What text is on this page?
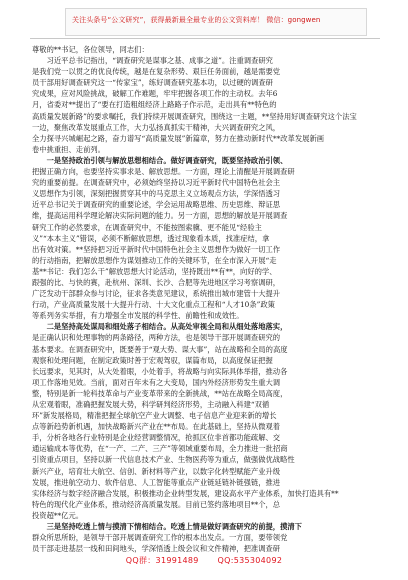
关注头条号“公文研究”，获得最新最全最专业的公文资料库！ 微信：gongwen
尊敬的**书记，各位领导，同志们：
　　习近平总书记指出，“调查研究是谋事之基、成事之道”。注重调查研究
是我们党一以贯之的优良传统，越是在复杂形势、艰巨任务面前，越是需要党
员干部用好调查研究这一“传家宝”，练好调查研究基本功，以过硬的调查研
究成果，应对风险挑战，破解工作难题，牢牢把握各项工作的主动权。去年6
月，省委对**提出了“要在打造粗组经济上路路子作示范，走出具有**特色的
高质量发展新路”的要求嘱托，我们持续开展调查研究，围绕这一主题，**坚持用好调查研究这个法宝
一边，聚焦改革发展重点工作，大力弘扬真抓实干精神，大兴调查研究之风，
全力探寻兴城崛起之路，奋力谱写“高质量发展”新篇章，努力在推动新时代**改革发展新画
卷中挑重担、走前列。
　　一是坚持政治引领与解放思想相结合。做好调查研究，既要坚持政治引领、
把握正确方向，也要坚持实事求是、解放思想。一方面，理论上清醒是开展调查研
究的重要前提。在调查研究中，必须始终坚持以习近平新时代中国特色社会主
义思想作为引领，深刻把握贯穿其中的马克思主义立场观点方法，学深悟透习
近平总书记关于调查研究的重要论述，学会运用战略思维、历史思维、辩证思
维，提高运用科学理论解决实际问题的能力。另一方面，思想的解放是开展调查
研究工作的必然要求，在调查研究中，不能按图索骥、更不能见“经验主
义”“本本主义”错误，必须不断解放思想，透过现象看本质，找准症结，拿
出有效对策。**坚持把习近平新时代中国特色社会主义思想作为做好一切工作
的行动指南，把解放思想作为谋划推动工作的关键环节，在全市深入开展“走
基**书记：我们怎么干”解放思想大讨论活动，坚持既出**有**，向好的学、
跟强的比、与快的赛，赴杭州、深圳、长沙、合肥等先进地区学习考察调研，
广泛发动干部群众参与讨论，征求各类意见建议，系统推出城市建管十大提升
行动，产业高质量发展十大提升行动、十大文化重点工程和“人才10条”政策
等系列务实举措，有力增强全市发展的科学性、前瞻性和成效性。
　　二是坚持高处谋局和细处落子相结合。从高处审视全局和从细处落地落实，
是正确认识和处理事物的两条路径，两种方法，也是领导干部开展调查研究的
基本要求。在调查研究中，既要善于“观大势、谋大事”，站在战略和全局的高度
观察和处理问题，在制定政策时善于宏观驾驭，谋篇布局，以高度保证把握
长远要求，见其时，从大处着眼，小处着手，将战略与向实际具体举措，推动各
项工作落地见效。当前，面对百年未有之大变局，国内外经济形势发生重大调
整，特别是新一轮科技革命与产业变革带来的全新挑战，**站在战略全局高度，
从宏观着眼，准确把握发展大势，科学研判经济形势，主动融入科建“双循
环”新发展格局，精准把握全球航空产业大调整、电子信息产业迎来新的增长
点等新趋势新机遇，加快战略新兴产业在**布局。在此基础上，坚持从微观着
手，分析各地各行业特别是企业经营调整情况，抢抓区位非首都功能疏解、交
通运输成本等优势，在“一产、二产、三产”等领域重要布局，全力推进一批招商
引资重点项目，坚持以新一代信息技术产业、生物医药等为重点，做强做优战略性
新兴产业，培育壮大航空、信创、新材料等产业，以数字化转型赋能产业升级
发展，推进航空动力、软件信息、人工智能等重点产业链延链补链强链，推进
实体经济与数字经济融合发展，积极推动企业转型发展，建设高水平产业体系，加快打造具有**
特色的现代化产业体系，推动经济高质量发展。目前已签约落地项目**个，总
投资超**亿元。
　　三是坚持吃透上情与摸清下情相结合。吃透上情是做好调查研究的前提，摸清下
群众所思所盼，是领导干部开展调查研究工作的根本出发点。一方面，要带领党
员干部走进基层一线和田间地头，学深悟透上级会议和文件精神，把准调查研
QQ群：31991489 QQ:535304092
